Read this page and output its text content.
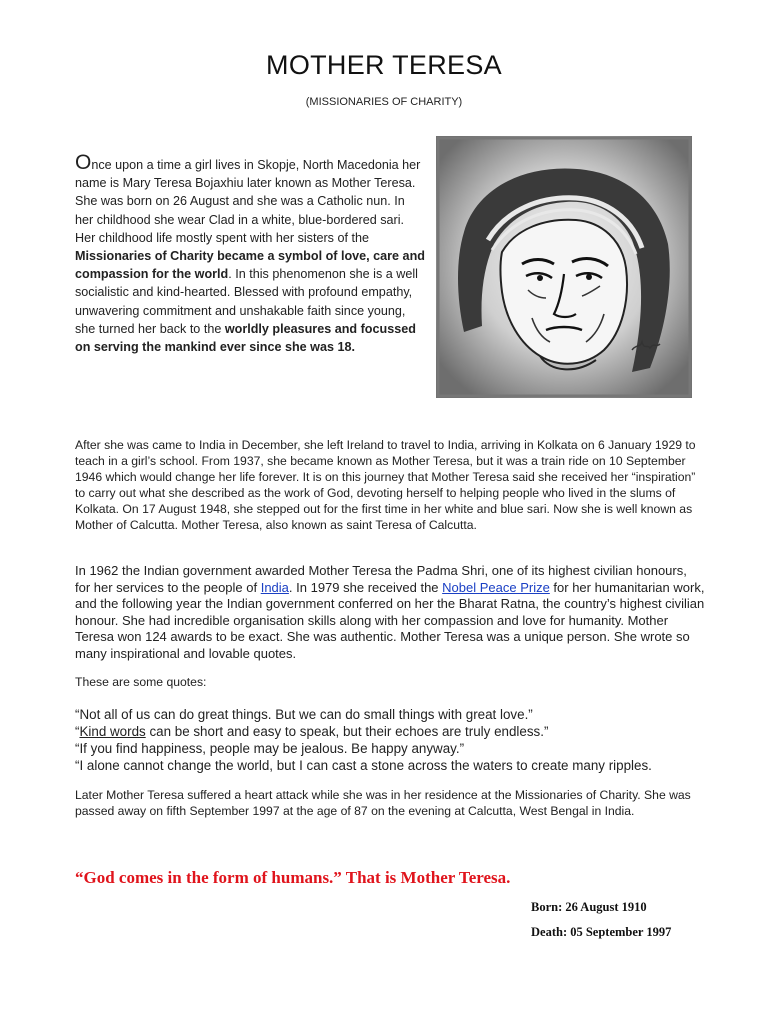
MOTHER TERESA
(MISSIONARIES OF CHARITY)
Once upon a time a girl lives in Skopje, North Macedonia her name is Mary Teresa Bojaxhiu later known as Mother Teresa. She was born on 26 August and she was a Catholic nun. In her childhood she wear Clad in a white, blue-bordered sari. Her childhood life mostly spent with her sisters of the Missionaries of Charity became a symbol of love, care and compassion for the world. In this phenomenon she is a well socialistic and kind-hearted. Blessed with profound empathy, unwavering commitment and unshakable faith since young, she turned her back to the worldly pleasures and focussed on serving the mankind ever since she was 18.
After she was came to India in December, she left Ireland to travel to India, arriving in Kolkata on 6 January 1929 to teach in a girl’s school. From 1937, she became known as Mother Teresa, but it was a train ride on 10 September 1946 which would change her life forever. It is on this journey that Mother Teresa said she received her “inspiration” to carry out what she described as the work of God, devoting herself to helping people who lived in the slums of Kolkata. On 17 August 1948, she stepped out for the first time in her white and blue sari. Now she is well known as Mother of Calcutta. Mother Teresa, also known as saint Teresa of Calcutta.
In 1962 the Indian government awarded Mother Teresa the Padma Shri, one of its highest civilian honours, for her services to the people of India. In 1979 she received the Nobel Peace Prize for her humanitarian work, and the following year the Indian government conferred on her the Bharat Ratna, the country’s highest civilian honour. She had incredible organisation skills along with her compassion and love for humanity. Mother Teresa won 124 awards to be exact. She was authentic. Mother Teresa was a unique person. She wrote so many inspirational and lovable quotes.
These are some quotes:
“Not all of us can do great things. But we can do small things with great love.”
“Kind words can be short and easy to speak, but their echoes are truly endless.”
“If you find happiness, people may be jealous. Be happy anyway.”
“I alone cannot change the world, but I can cast a stone across the waters to create many ripples.
Later Mother Teresa suffered a heart attack while she was in her residence at the Missionaries of Charity. She was passed away on fifth September 1997 at the age of 87 on the evening at Calcutta, West Bengal in India.
“God comes in the form of humans.” That is Mother Teresa.
Born: 26 August 1910
Death: 05 September 1997
